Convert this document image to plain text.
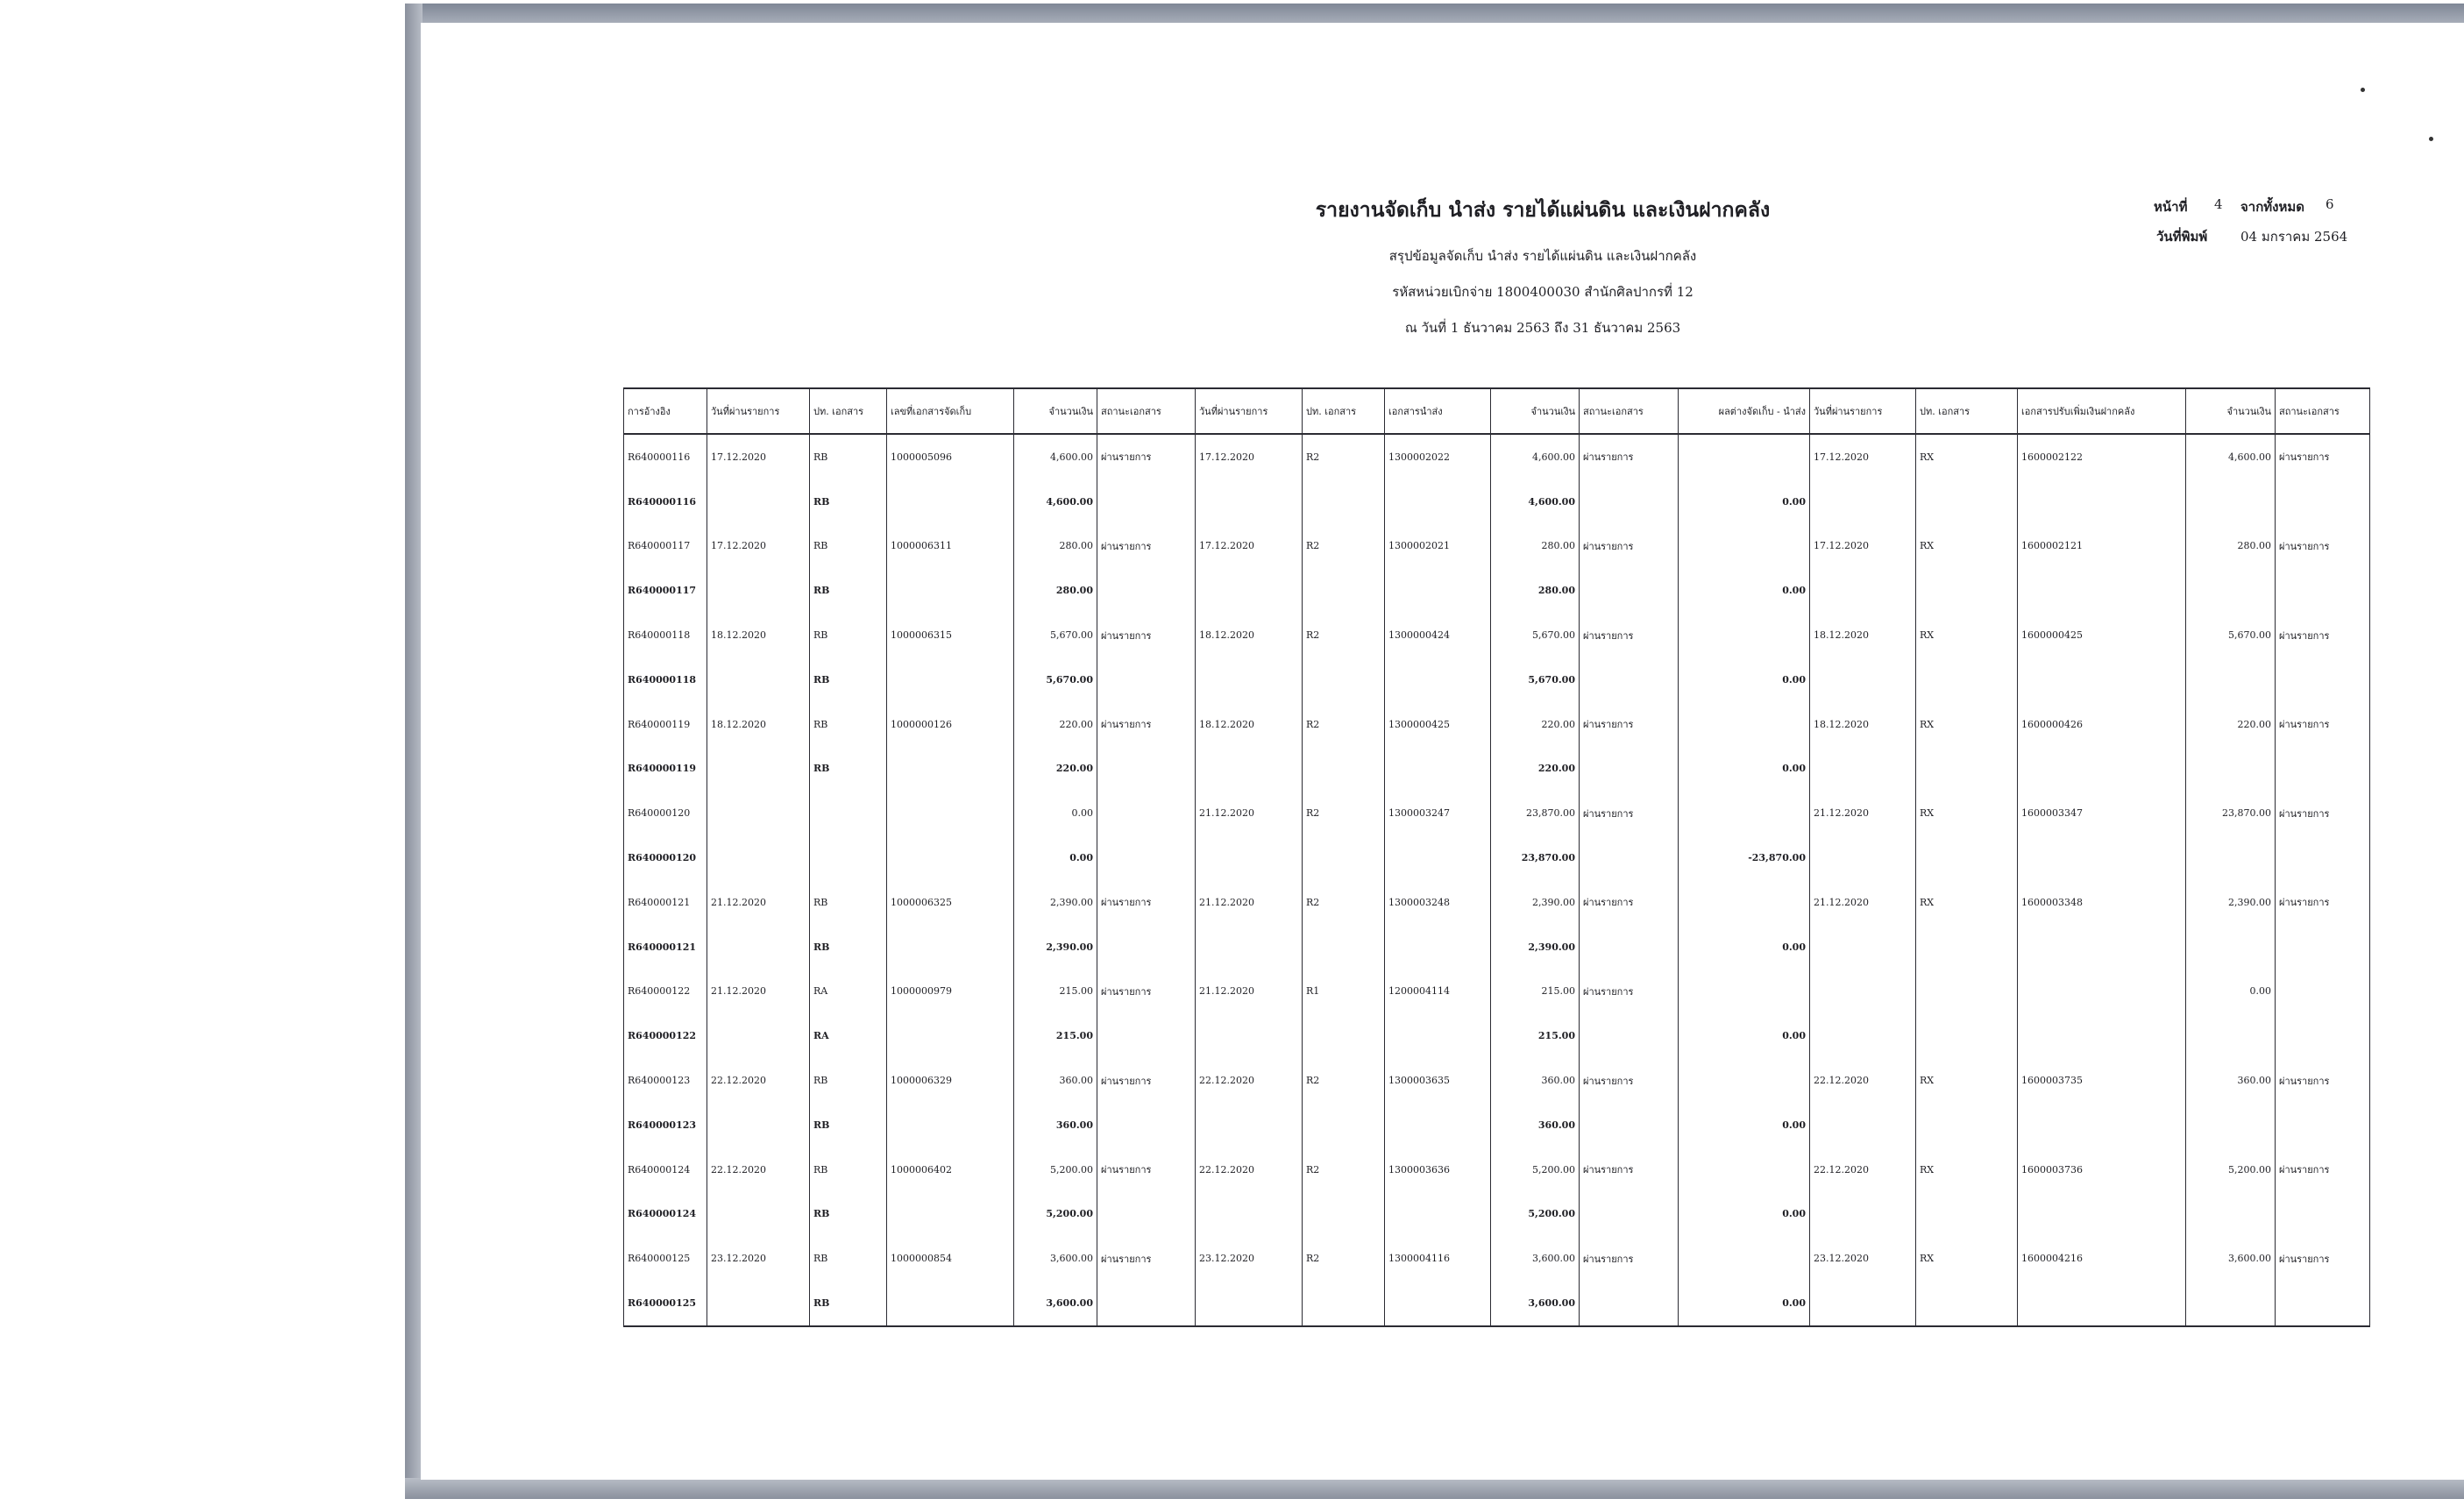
รายงานจัดเก็บ นำส่ง รายได้แผ่นดิน และเงินฝากคลัง
สรุปข้อมูลจัดเก็บ นำส่ง รายได้แผ่นดิน และเงินฝากคลัง
รหัสหน่วยเบิกจ่าย 1800400030 สำนักศิลปากรที่ 12
ณ วันที่ 1 ธันวาคม 2563 ถึง 31 ธันวาคม 2563
หน้าที่ 4 จากทั้งหมด 6
วันที่พิมพ์	04 มกราคม 2564
การอ้างอิง	วันที่ผ่านรายการ	ปท. เอกสาร	เลขที่เอกสารจัดเก็บ	จำนวนเงิน	สถานะเอกสาร	วันที่ผ่านรายการ	ปท. เอกสาร	เอกสารนำส่ง	จำนวนเงิน	สถานะเอกสาร	ผลต่างจัดเก็บ - นำส่ง	วันที่ผ่านรายการ	ปท. เอกสาร	เอกสารปรับเพิ่มเงินฝากคลัง	จำนวนเงิน	สถานะเอกสาร
R640000116	17.12.2020	RB	1000005096	4,600.00	ผ่านรายการ	17.12.2020	R2	1300002022	4,600.00	ผ่านรายการ		17.12.2020	RX	1600002122	4,600.00	ผ่านรายการ
R640000116		RB		4,600.00					4,600.00		0.00					
R640000117	17.12.2020	RB	1000006311	280.00	ผ่านรายการ	17.12.2020	R2	1300002021	280.00	ผ่านรายการ		17.12.2020	RX	1600002121	280.00	ผ่านรายการ
R640000117		RB		280.00					280.00		0.00					
R640000118	18.12.2020	RB	1000006315	5,670.00	ผ่านรายการ	18.12.2020	R2	1300000424	5,670.00	ผ่านรายการ		18.12.2020	RX	1600000425	5,670.00	ผ่านรายการ
R640000118		RB		5,670.00					5,670.00		0.00					
R640000119	18.12.2020	RB	1000000126	220.00	ผ่านรายการ	18.12.2020	R2	1300000425	220.00	ผ่านรายการ		18.12.2020	RX	1600000426	220.00	ผ่านรายการ
R640000119		RB		220.00					220.00		0.00					
R640000120				0.00		21.12.2020	R2	1300003247	23,870.00	ผ่านรายการ		21.12.2020	RX	1600003347	23,870.00	ผ่านรายการ
R640000120				0.00					23,870.00		-23,870.00					
R640000121	21.12.2020	RB	1000006325	2,390.00	ผ่านรายการ	21.12.2020	R2	1300003248	2,390.00	ผ่านรายการ		21.12.2020	RX	1600003348	2,390.00	ผ่านรายการ
R640000121		RB		2,390.00					2,390.00		0.00					
R640000122	21.12.2020	RA	1000000979	215.00	ผ่านรายการ	21.12.2020	R1	1200004114	215.00	ผ่านรายการ					0.00	
R640000122		RA		215.00					215.00		0.00					
R640000123	22.12.2020	RB	1000006329	360.00	ผ่านรายการ	22.12.2020	R2	1300003635	360.00	ผ่านรายการ		22.12.2020	RX	1600003735	360.00	ผ่านรายการ
R640000123		RB		360.00					360.00		0.00					
R640000124	22.12.2020	RB	1000006402	5,200.00	ผ่านรายการ	22.12.2020	R2	1300003636	5,200.00	ผ่านรายการ		22.12.2020	RX	1600003736	5,200.00	ผ่านรายการ
R640000124		RB		5,200.00					5,200.00		0.00					
R640000125	23.12.2020	RB	1000000854	3,600.00	ผ่านรายการ	23.12.2020	R2	1300004116	3,600.00	ผ่านรายการ		23.12.2020	RX	1600004216	3,600.00	ผ่านรายการ
R640000125		RB		3,600.00					3,600.00		0.00					
